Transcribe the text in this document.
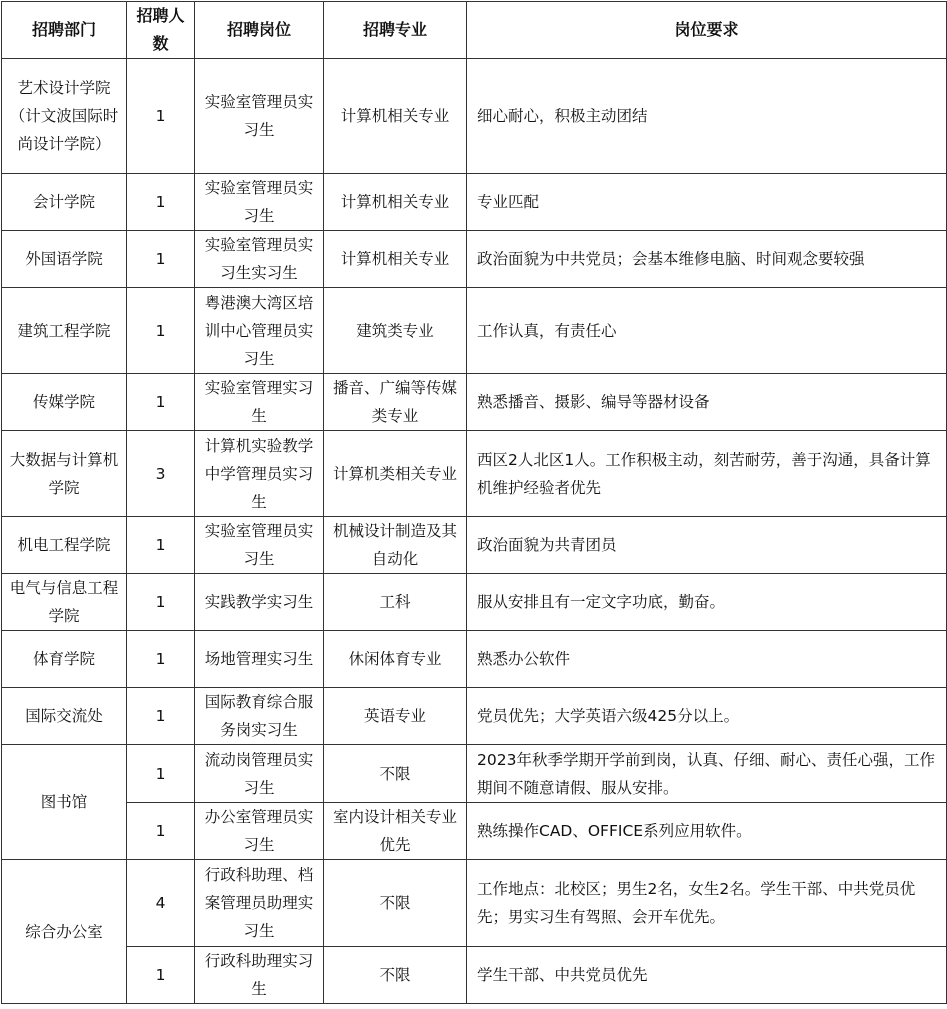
招聘部门	招聘人数	招聘岗位	招聘专业	岗位要求
艺术设计学院（计文波国际时尚设计学院）	1	实验室管理员实习生	计算机相关专业	细心耐心，积极主动团结
会计学院	1	实验室管理员实习生	计算机相关专业	专业匹配
外国语学院	1	实验室管理员实习生实习生	计算机相关专业	政治面貌为中共党员；会基本维修电脑、时间观念要较强
建筑工程学院	1	粤港澳大湾区培训中心管理员实习生	建筑类专业	工作认真，有责任心
传媒学院	1	实验室管理实习生	播音、广编等传媒类专业	熟悉播音、摄影、编导等器材设备
大数据与计算机学院	3	计算机实验教学中学管理员实习生	计算机类相关专业	西区2人北区1人。工作积极主动，刻苦耐劳，善于沟通，具备计算机维护经验者优先
机电工程学院	1	实验室管理员实习生	机械设计制造及其自动化	政治面貌为共青团员
电气与信息工程学院	1	实践教学实习生	工科	服从安排且有一定文字功底，勤奋。
体育学院	1	场地管理实习生	休闲体育专业	熟悉办公软件
国际交流处	1	国际教育综合服务岗实习生	英语专业	党员优先；大学英语六级425分以上。
图书馆	1	流动岗管理员实习生	不限	2023年秋季学期开学前到岗，认真、仔细、耐心、责任心强，工作期间不随意请假、服从安排。
	1	办公室管理员实习生	室内设计相关专业优先	熟练操作CAD、OFFICE系列应用软件。
综合办公室	4	行政科助理、档案管理员助理实习生	不限	工作地点：北校区；男生2名，女生2名。学生干部、中共党员优先；男实习生有驾照、会开车优先。
	1	行政科助理实习生	不限	学生干部、中共党员优先
